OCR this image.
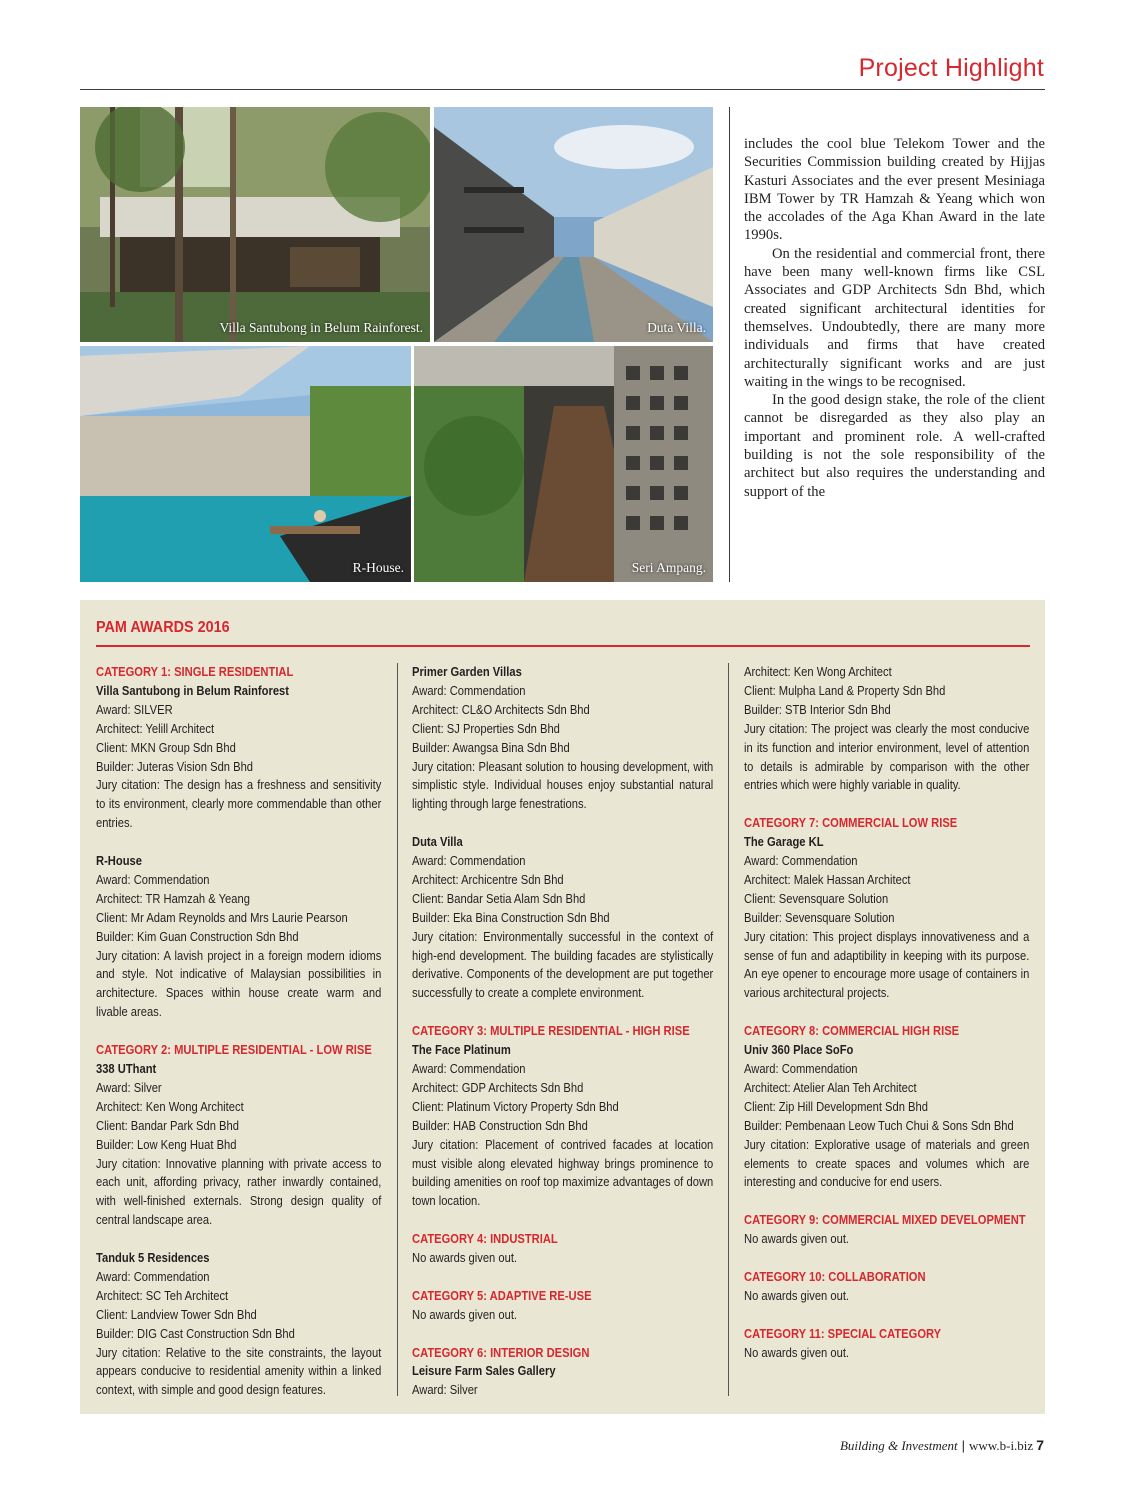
Project Highlight
Villa Santubong in Belum Rainforest.	Duta Villa.
R-House.	Seri Ampang.

includes the cool blue Telekom Tower and the Securities Commission building created by Hijjas Kasturi Associates and the ever present Mesiniaga IBM Tower by TR Hamzah & Yeang which won the accolades of the Aga Khan Award in the late 1990s.

On the residential and commercial front, there have been many well-known firms like CSL Associates and GDP Architects Sdn Bhd, which created significant architectural identities for themselves. Undoubtedly, there are many more individuals and firms that have created architecturally significant works and are just waiting in the wings to be recognised.

In the good design stake, the role of the client cannot be disregarded as they also play an important and prominent role. A well-crafted building is not the sole responsibility of the architect but also requires the understanding and support of the

PAM AWARDS 2016
CATEGORY 1: SINGLE RESIDENTIAL
Villa Santubong in Belum Rainforest
Award: SILVER
Architect: Yelill Architect
Client: MKN Group Sdn Bhd
Builder: Juteras Vision Sdn Bhd
Jury citation: The design has a freshness and sensitivity to its environment, clearly more commendable than other entries.
R-House
Award: Commendation
Architect: TR Hamzah & Yeang
Client: Mr Adam Reynolds and Mrs Laurie Pearson
Builder: Kim Guan Construction Sdn Bhd
Jury citation: A lavish project in a foreign modern idioms and style. Not indicative of Malaysian possibilities in architecture. Spaces within house create warm and livable areas.
CATEGORY 2: MULTIPLE RESIDENTIAL - LOW RISE
338 UThant
Award: Silver
Architect: Ken Wong Architect
Client: Bandar Park Sdn Bhd
Builder: Low Keng Huat Bhd
Jury citation: Innovative planning with private access to each unit, affording privacy, rather inwardly contained, with well-finished externals. Strong design quality of central landscape area.
Tanduk 5 Residences
Award: Commendation
Architect: SC Teh Architect
Client: Landview Tower Sdn Bhd
Builder: DIG Cast Construction Sdn Bhd
Jury citation: Relative to the site constraints, the layout appears conducive to residential amenity within a linked context, with simple and good design features.
Primer Garden Villas
Award: Commendation
Architect: CL&O Architects Sdn Bhd
Client: SJ Properties Sdn Bhd
Builder: Awangsa Bina Sdn Bhd
Jury citation: Pleasant solution to housing development, with simplistic style. Individual houses enjoy substantial natural lighting through large fenestrations.
Duta Villa
Award: Commendation
Architect: Archicentre Sdn Bhd
Client: Bandar Setia Alam Sdn Bhd
Builder: Eka Bina Construction Sdn Bhd
Jury citation: Environmentally successful in the context of high-end development. The building facades are stylistically derivative. Components of the development are put together successfully to create a complete environment.
CATEGORY 3: MULTIPLE RESIDENTIAL - HIGH RISE
The Face Platinum
Award: Commendation
Architect: GDP Architects Sdn Bhd
Client: Platinum Victory Property Sdn Bhd
Builder: HAB Construction Sdn Bhd
Jury citation: Placement of contrived facades at location must visible along elevated highway brings prominence to building amenities on roof top maximize advantages of down town location.
CATEGORY 4: INDUSTRIAL
No awards given out.
CATEGORY 5: ADAPTIVE RE-USE
No awards given out.
CATEGORY 6: INTERIOR DESIGN
Leisure Farm Sales Gallery
Award: Silver
Architect: Ken Wong Architect
Client: Mulpha Land & Property Sdn Bhd
Builder: STB Interior Sdn Bhd
Jury citation: The project was clearly the most conducive in its function and interior environment, level of attention to details is admirable by comparison with the other entries which were highly variable in quality.
CATEGORY 7: COMMERCIAL LOW RISE
The Garage KL
Award: Commendation
Architect: Malek Hassan Architect
Client: Sevensquare Solution
Builder: Sevensquare Solution
Jury citation: This project displays innovativeness and a sense of fun and adaptibility in keeping with its purpose. An eye opener to encourage more usage of containers in various architectural projects.
CATEGORY 8: COMMERCIAL HIGH RISE
Univ 360 Place SoFo
Award: Commendation
Architect: Atelier Alan Teh Architect
Client: Zip Hill Development Sdn Bhd
Builder: Pembenaan Leow Tuch Chui & Sons Sdn Bhd
Jury citation: Explorative usage of materials and green elements to create spaces and volumes which are interesting and conducive for end users.
CATEGORY 9: COMMERCIAL MIXED DEVELOPMENT
No awards given out.
CATEGORY 10: COLLABORATION
No awards given out.
CATEGORY 11: SPECIAL CATEGORY
No awards given out.
Building & Investment | www.b-i.biz 7
